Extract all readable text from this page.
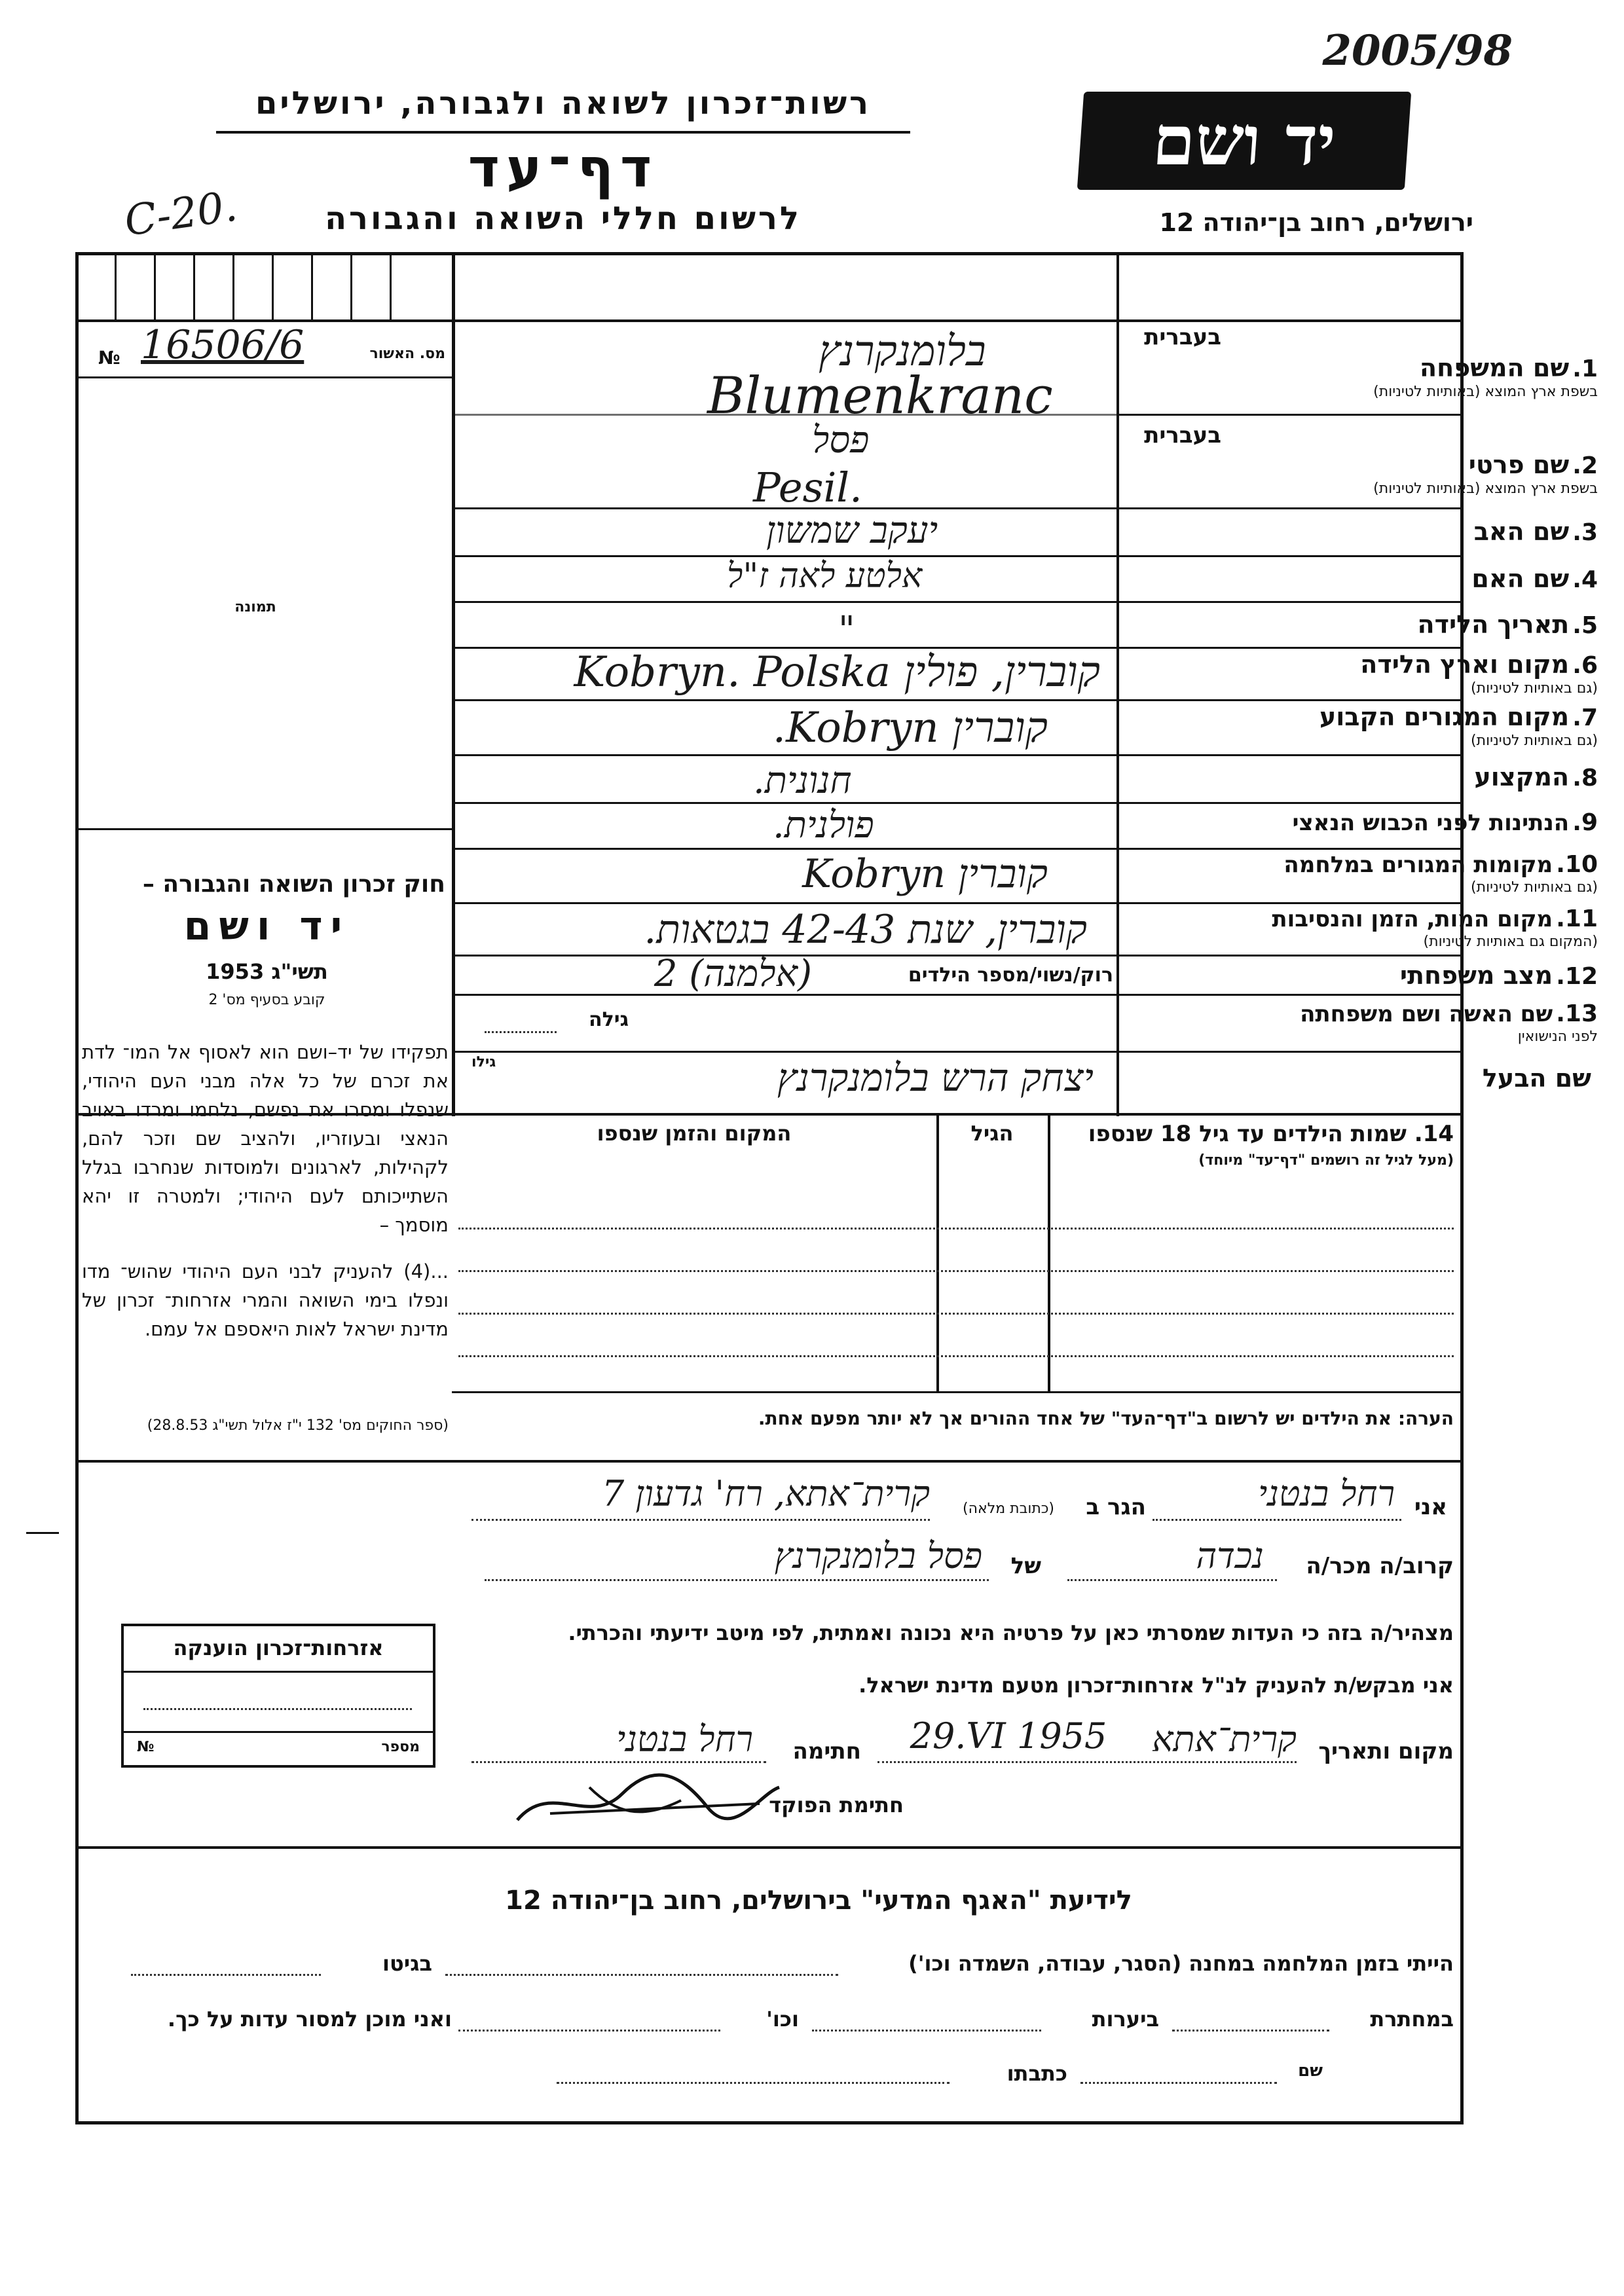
2005/98
C-20.
יד ושם
ירושלים, רחוב בן־יהודה 12
רשות־זכרון לשואה ולגבורה, ירושלים
דף־עד
לרשום חללי השואה והגבורה
מס. האשור
16506/6
№
תמונה
בעברית
בעברית
1. שם המשפחה
בשפת ארץ המוצא (באותיות לטיניות)
2. שם פרטי
בשפת ארץ המוצא (באותיות לטיניות)
3. שם האב
4. שם האם
5. תאריך הלידה
6. מקום וארץ הלידה
(גם באותיות לטיניות)
7. מקום המגורים הקבוע
(גם באותיות לטיניות)
8. המקצוע
9. הנתינות לפני הכבוש הנאצי
10. מקומות המגורים במלחמה
(גם באותיות לטיניות)
11. מקום המות, הזמן והנסיבות
(המקום גם באותיות לטיניות)
12. מצב משפחתי
13. שם האשה ושם משפחתה
לפני הנישואין
בלומנקרנץ
Blumenkranc
פסל
Pesil.
יעקב שמשון
אלטע לאה ז"ל
"
קוברין, פולין Kobryn. Polska
קוברין Kobryn.
חנונית.
פולנית.
קוברין Kobryn
קוברין, שנת 42-43 בגטאות.
רוק/נשוי/מספר הילדים
(אלמנה) 2
גילה
שם הבעל
יצחק הרש בלומנקרנץ
גילו
14. שמות הילדים עד גיל 18 שנספו
(מעל לגיל זה רושמים "דף־עד" מיוחד)
הגיל
המקום והזמן שנספו
חוק זכרון השואה והגבורה –
יד ושם
תשי"ג 1953
קובע בסעיף מס' 2
תפקידו של יד–ושם הוא לאסוף אל המו־ לדת את זכרם של כל אלה מבני העם היהודי, שנפלו ומסרו את נפשם, נלחמו ומרדו באויב הנאצי ובעוזריו, ולהציב שם וזכר להם, לקהילות, לארגונים ולמוסדות שנחרבו בגלל השתייכותם לעם היהודי; ולמטרה זו יהא מוסמך –
...(4) להעניק לבני העם היהודי שהוש־ מדו ונפלו בימי השואה והמרי אזרחות־ זכרון של מדינת ישראל לאות היאספם אל עמם.
(ספר החוקים מס' 132 י"ז אלול תשי"ג 28.8.53)	הערה: את הילדים יש לרשום ב"דף־העד" של אחד ההורים אך לא יותר מפעם אחת.
אני
רחל בנטני
הגר ב
(כתובת מלאה)
קרית־אתא, רח' גדעון 7
קרוב/ה מכר/ה
נכדה
של
פסל בלומנקרנץ
מצהיר/ה בזה כי העדות שמסרתי כאן על פרטיה היא נכונה ואמתית, לפי מיטב ידיעתי והכרתי.
אני מבקש/ת להעניק לנ"ל אזרחות־זכרון מטעם מדינת ישראל.
מקום ותאריך
קרית־אתא
29.VI 1955
חתימה
רחל בנטני
חתימת הפוקד
אזרחות־זכרון הוענקה
מספר
№
לידיעת "האגף המדעי" בירושלים, רחוב בן־יהודה 12
הייתי בזמן המלחמה במחנה (הסגר, עבודה, השמדה וכו')
בגיטו
במחתרת
ביערות
וכו'
ואני מוכן למסור עדות על כך.
שם
כתבתו
